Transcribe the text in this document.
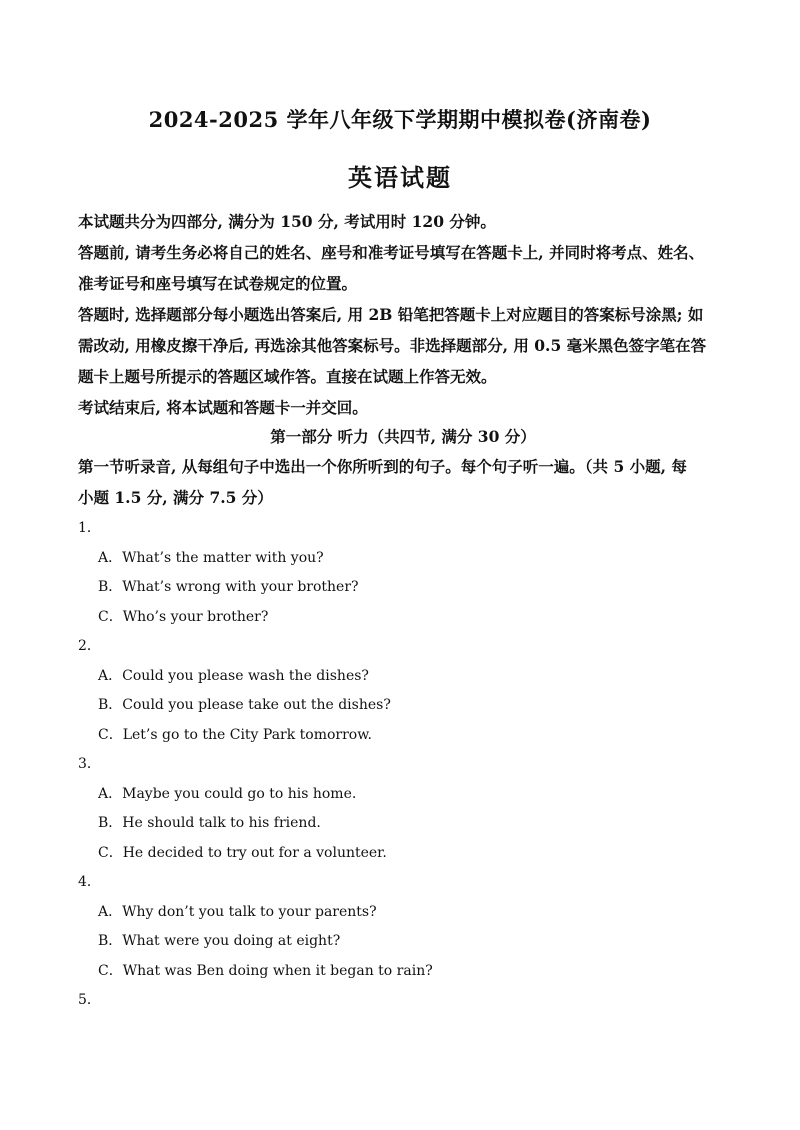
2024-2025 学年八年级下学期期中模拟卷(济南卷)
英语试题
本试题共分为四部分, 满分为 150 分, 考试用时 120 分钟。
答题前, 请考生务必将自己的姓名、座号和准考证号填写在答题卡上, 并同时将考点、姓名、
准考证号和座号填写在试卷规定的位置。
答题时, 选择题部分每小题选出答案后, 用 2B 铅笔把答题卡上对应题目的答案标号涂黑; 如
需改动, 用橡皮擦干净后, 再选涂其他答案标号。非选择题部分, 用 0.5 毫米黑色签字笔在答
题卡上题号所提示的答题区域作答。直接在试题上作答无效。
考试结束后, 将本试题和答题卡一并交回。
第一部分 听力（共四节, 满分 30 分）
第一节听录音, 从每组句子中选出一个你所听到的句子。每个句子听一遍。（共 5 小题, 每
小题 1.5 分, 满分 7.5 分）
1．
A．What’s the matter with you?
B．What’s wrong with your brother?
C．Who’s your brother?
2．
A．Could you please wash the dishes?
B．Could you please take out the dishes?
C．Let’s go to the City Park tomorrow.
3．
A．Maybe you could go to his home.
B．He should talk to his friend.
C．He decided to try out for a volunteer.
4．
A．Why don’t you talk to your parents?
B．What were you doing at eight?
C．What was Ben doing when it began to rain?
5．
